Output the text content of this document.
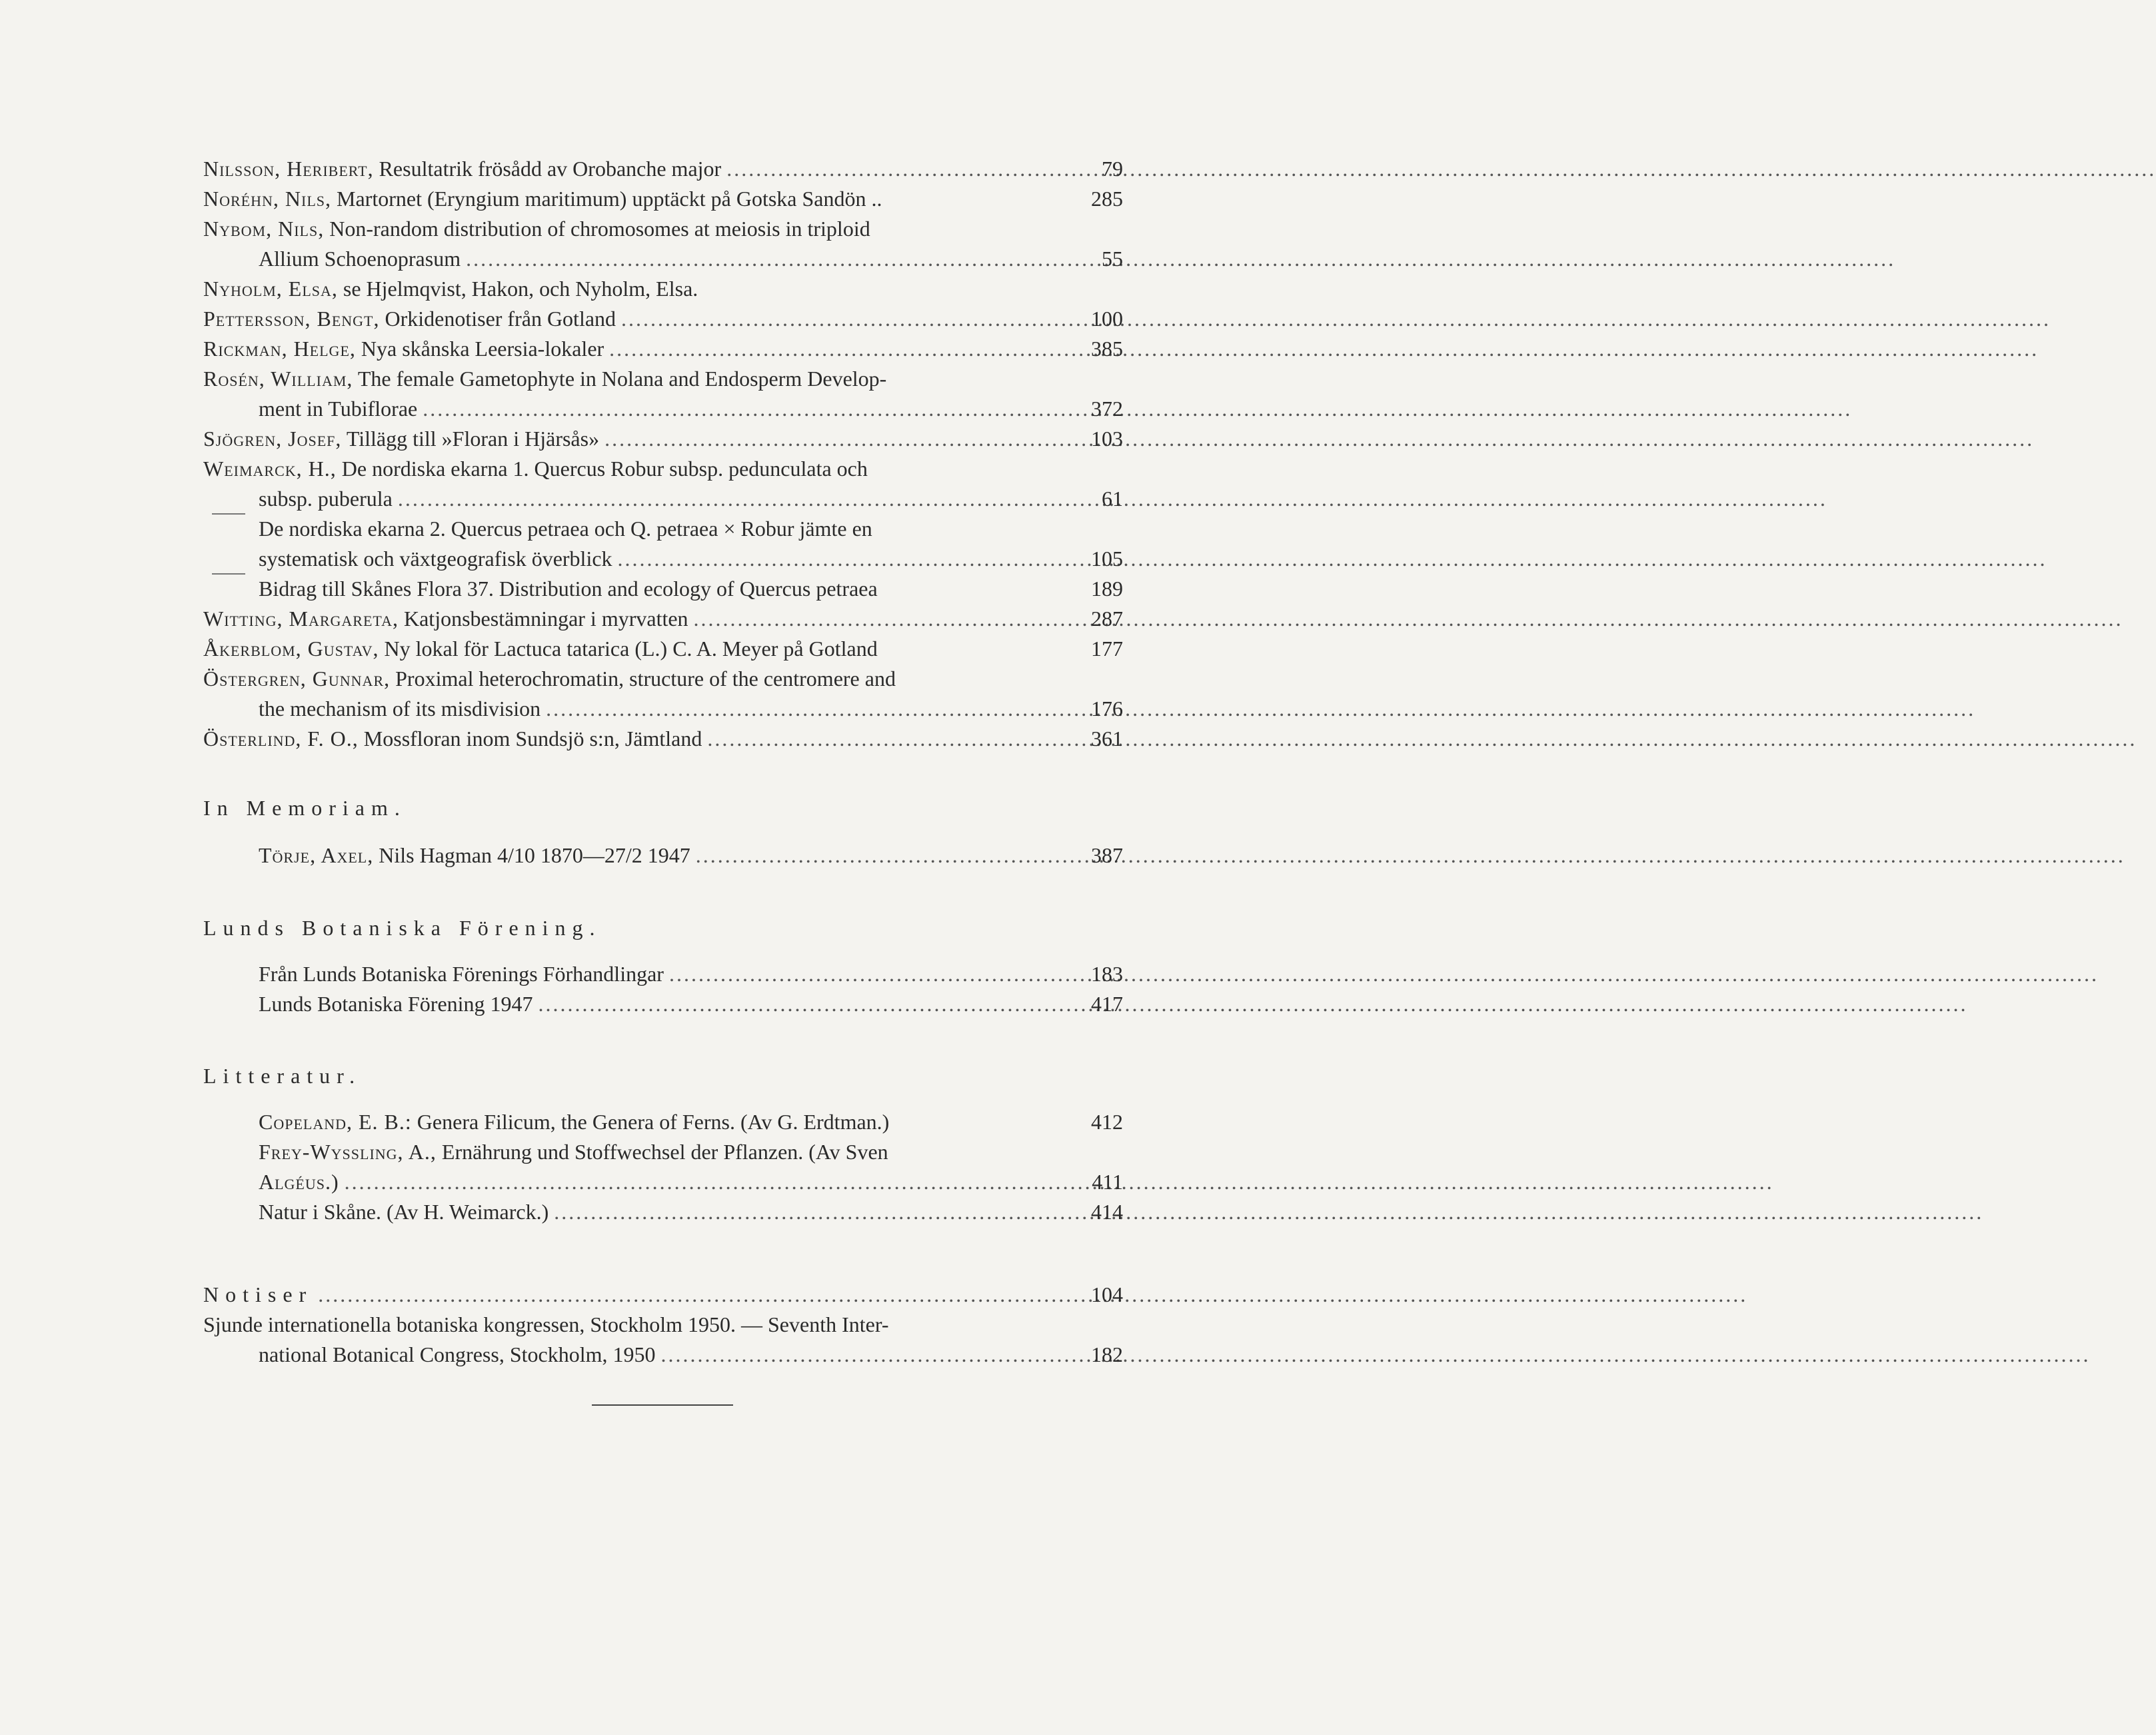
Nilsson, Heribert, Resultatrik frösådd av Orobanche major .....	79
Noréhn, Nils, Martornet (Eryngium maritimum) upptäckt på Gotska Sandön ..	285
Nybom, Nils, Non-random distribution of chromosomes at meiosis in triploid
Allium Schoenoprasum .....	55
Nyholm, Elsa, se Hjelmqvist, Hakon, och Nyholm, Elsa.
Pettersson, Bengt, Orkidenotiser från Gotland .....	100
Rickman, Helge, Nya skånska Leersia-lokaler .....	385
Rosén, William, The female Gametophyte in Nolana and Endosperm Develop-
ment in Tubiflorae .....	372
Sjögren, Josef, Tillägg till »Floran i Hjärsås» .....	103
Weimarck, H., De nordiska ekarna 1. Quercus Robur subsp. pedunculata och
subsp. puberula .....	61
De nordiska ekarna 2. Quercus petraea och Q. petraea × Robur jämte en
systematisk och växtgeografisk överblick .....	105
Bidrag till Skånes Flora 37. Distribution and ecology of Quercus petraea	189
Witting, Margareta, Katjonsbestämningar i myrvatten .....	287
Åkerblom, Gustav, Ny lokal för Lactuca tatarica (L.) C. A. Meyer på Gotland	177
Östergren, Gunnar, Proximal heterochromatin, structure of the centromere and
the mechanism of its misdivision .....	176
Österlind, F. O., Mossfloran inom Sundsjö s:n, Jämtland .....	361
In Memoriam.
Törje, Axel, Nils Hagman 4/10 1870—27/2 1947 .....	387
Lunds Botaniska Förening.
Från Lunds Botaniska Förenings Förhandlingar .....	183
Lunds Botaniska Förening 1947 .....	417
Litteratur.
Copeland, E. B.: Genera Filicum, the Genera of Ferns. (Av G. Erdtman.)	412
Frey-Wyssling, A., Ernährung und Stoffwechsel der Pflanzen. (Av Sven
Algéus.) .....	411
Natur i Skåne. (Av H. Weimarck.) .....	414
Notiser .....	104
Sjunde internationella botaniska kongressen, Stockholm 1950. — Seventh Inter-
national Botanical Congress, Stockholm, 1950 .....	182
